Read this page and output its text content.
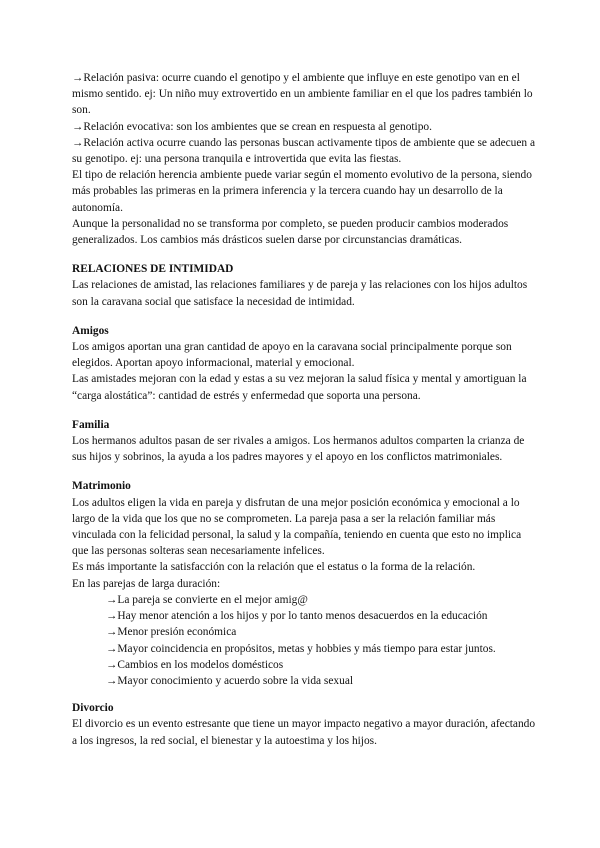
→Relación pasiva: ocurre cuando el genotipo y el ambiente que influye en este genotipo van en el mismo sentido. ej: Un niño muy extrovertido en un ambiente familiar en el que los padres también lo son.

→Relación evocativa: son los ambientes que se crean en respuesta al genotipo.

→Relación activa ocurre cuando las personas buscan activamente tipos de ambiente que se adecuen a su genotipo. ej: una persona tranquila e introvertida que evita las fiestas.

El tipo de relación herencia ambiente puede variar según el momento evolutivo de la persona, siendo más probables las primeras en la primera inferencia y la tercera cuando hay un desarrollo de la autonomía.

Aunque la personalidad no se transforma por completo, se pueden producir cambios moderados generalizados. Los cambios más drásticos suelen darse por circunstancias dramáticas.

RELACIONES DE INTIMIDAD

Las relaciones de amistad, las relaciones familiares y de pareja y las relaciones con los hijos adultos son la caravana social que satisface la necesidad de intimidad.

Amigos

Los amigos aportan una gran cantidad de apoyo en la caravana social principalmente porque son elegidos. Aportan apoyo informacional, material y emocional.

Las amistades mejoran con la edad y estas a su vez mejoran la salud física y mental y amortiguan la “carga alostática”: cantidad de estrés y enfermedad que soporta una persona.

Familia

Los hermanos adultos pasan de ser rivales a amigos. Los hermanos adultos comparten la crianza de sus hijos y sobrinos, la ayuda a los padres mayores y el apoyo en los conflictos matrimoniales.

Matrimonio

Los adultos eligen la vida en pareja y disfrutan de una mejor posición económica y emocional a lo largo de la vida que los que no se comprometen. La pareja pasa a ser la relación familiar más vinculada con la felicidad personal, la salud y la compañía, teniendo en cuenta que esto no implica que las personas solteras sean necesariamente infelices.

Es más importante la satisfacción con la relación que el estatus o la forma de la relación.

En las parejas de larga duración:

→La pareja se convierte en el mejor amig@
→Hay menor atención a los hijos y por lo tanto menos desacuerdos en la educación
→Menor presión económica
→Mayor coincidencia en propósitos, metas y hobbies y más tiempo para estar juntos.
→Cambios en los modelos domésticos
→Mayor conocimiento y acuerdo sobre la vida sexual

Divorcio

El divorcio es un evento estresante que tiene un mayor impacto negativo a mayor duración, afectando a los ingresos, la red social, el bienestar y la autoestima y los hijos.
